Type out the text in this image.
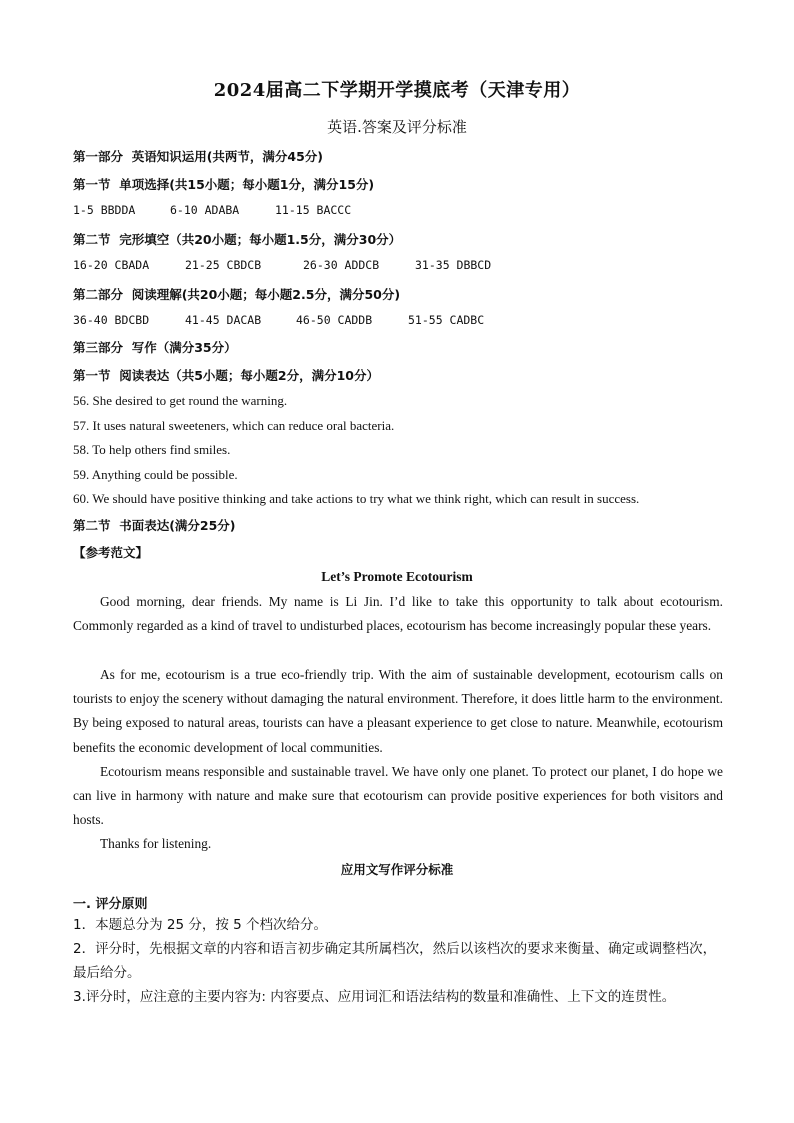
2024届高二下学期开学摸底考（天津专用）
英语.答案及评分标准
第一部分  英语知识运用(共两节，满分45分)
第一节  单项选择(共15小题；每小题1分，满分15分)
1-5 BBDDA	6-10 ADABA	11-15 BACCC
第二节  完形填空（共20小题；每小题1.5分，满分30分）
16-20 CBADA	21-25 CBDCB	26-30 ADDCB	31-35 DBBCD
第二部分  阅读理解(共20小题；每小题2.5分，满分50分)
36-40 BDCBD	41-45 DACAB	46-50 CADDB	51-55 CADBC
第三部分  写作（满分35分）
第一节  阅读表达（共5小题；每小题2分，满分10分）
56. She desired to get round the warning.
57. It uses natural sweeteners, which can reduce oral bacteria.
58. To help others find smiles.
59. Anything could be possible.
60. We should have positive thinking and take actions to try what we think right, which can result in success.
第二节  书面表达(满分25分)
【参考范文】
Let’s Promote Ecotourism

Good morning, dear friends. My name is Li Jin. I’d like to take this opportunity to talk about ecotourism. Commonly regarded as a kind of travel to undisturbed places, ecotourism has become increasingly popular these years.

As for me, ecotourism is a true eco-friendly trip. With the aim of sustainable development, ecotourism calls on tourists to enjoy the scenery without damaging the natural environment. Therefore, it does little harm to the environment. By being exposed to natural areas, tourists can have a pleasant experience to get close to nature. Meanwhile, ecotourism benefits the economic development of local communities.

Ecotourism means responsible and sustainable travel. We have only one planet. To protect our planet, I do hope we can live in harmony with nature and make sure that ecotourism can provide positive experiences for both visitors and hosts.

Thanks for listening.

应用文写作评分标准
一. 评分原则

1．本题总分为 25 分，按 5 个档次给分。

2．评分时，先根据文章的内容和语言初步确定其所属档次，然后以该档次的要求来衡量、确定或调整档次，最后给分。

3.评分时，应注意的主要内容为: 内容要点、应用词汇和语法结构的数量和准确性、上下文的连贯性。
